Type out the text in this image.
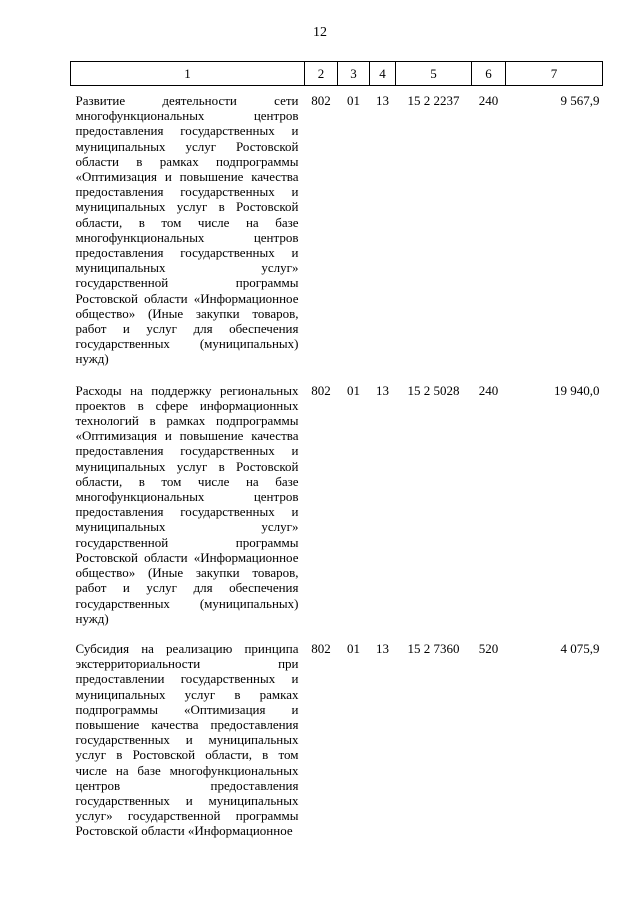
12
1	2	3	4	5	6	7
Развитие деятельности сети многофункциональных центров предоставления государственных и муниципальных услуг Ростовской области в рамках подпрограммы «Оптимизация и повышение качества предоставления государственных и муниципальных услуг в Ростовской области, в том числе на базе многофункциональных центров предоставления государственных и муниципальных услуг» государственной программы Ростовской области «Информационное общество» (Иные закупки товаров, работ и услуг для обеспечения государственных (муниципальных) нужд)	802	01	13	15 2 2237	240	9 567,9
Расходы на поддержку региональных проектов в сфере информационных технологий в рамках подпрограммы «Оптимизация и повышение качества предоставления государственных и муниципальных услуг в Ростовской области, в том числе на базе многофункциональных центров предоставления государственных и муниципальных услуг» государственной программы Ростовской области «Информационное общество» (Иные закупки товаров, работ и услуг для обеспечения государственных (муниципальных) нужд)	802	01	13	15 2 5028	240	19 940,0
Субсидия на реализацию принципа экстерриториальности при предоставлении государственных и муниципальных услуг в рамках подпрограммы «Оптимизация и повышение качества предоставления государственных и муниципальных услуг в Ростовской области, в том числе на базе многофункциональных центров предоставления государственных и муниципальных услуг» государственной программы Ростовской области «Информационное	802	01	13	15 2 7360	520	4 075,9
